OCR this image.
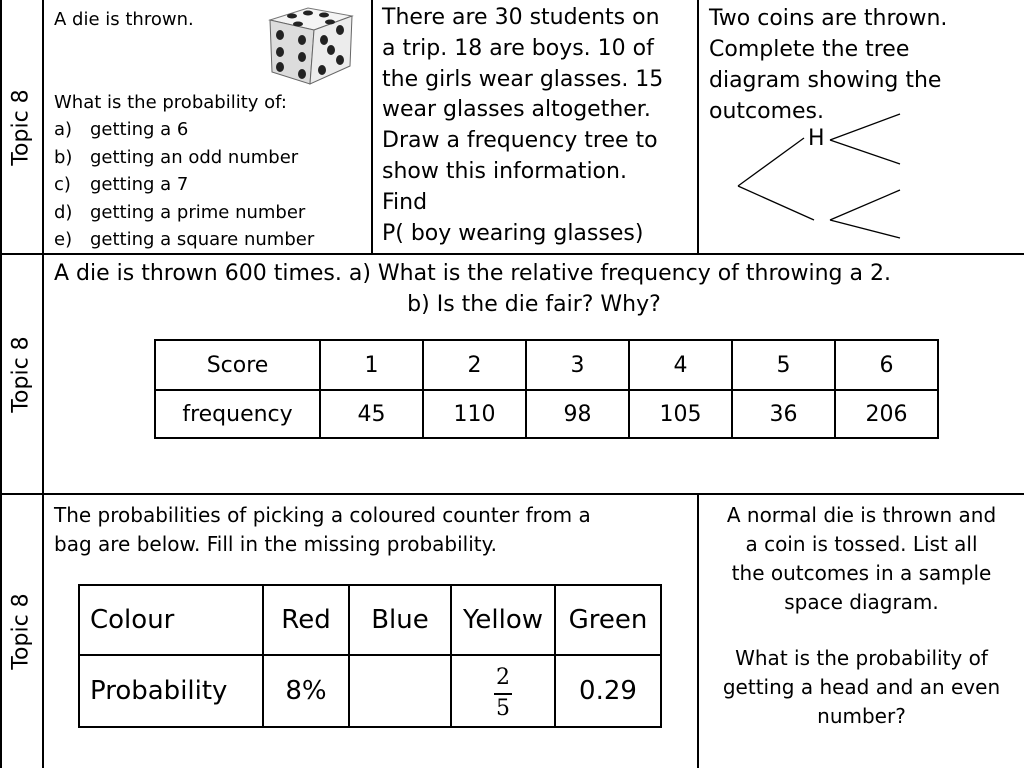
Topic 8
Topic 8
Topic 8
A die is thrown.
What is the probability of:
a) getting a 6
b) getting an odd number
c)	getting a 7
d) getting a prime number
e) getting a square number
There are 30 students on
a trip. 18 are boys. 10 of
the girls wear glasses. 15
wear glasses altogether.
Draw a frequency tree to
show this information.
Find
P( boy wearing glasses)
Two coins are thrown.
Complete the tree
diagram showing the
outcomes.
H
A die is thrown 600 times. a) What is the relative frequency of throwing a 2.
b) Is the die fair? Why?
Score	1	2	3	4	5	6
frequency	45	110	98	105	36	206
The probabilities of picking a coloured counter from a
bag are below. Fill in the missing probability.
Colour	Red	Blue	Yellow	Green
Probability	8%		$\frac{2}{5}$	0.29
A normal die is thrown and
a coin is tossed. List all
the outcomes in a sample
space diagram.
What is the probability of
getting a head and an even
number?
